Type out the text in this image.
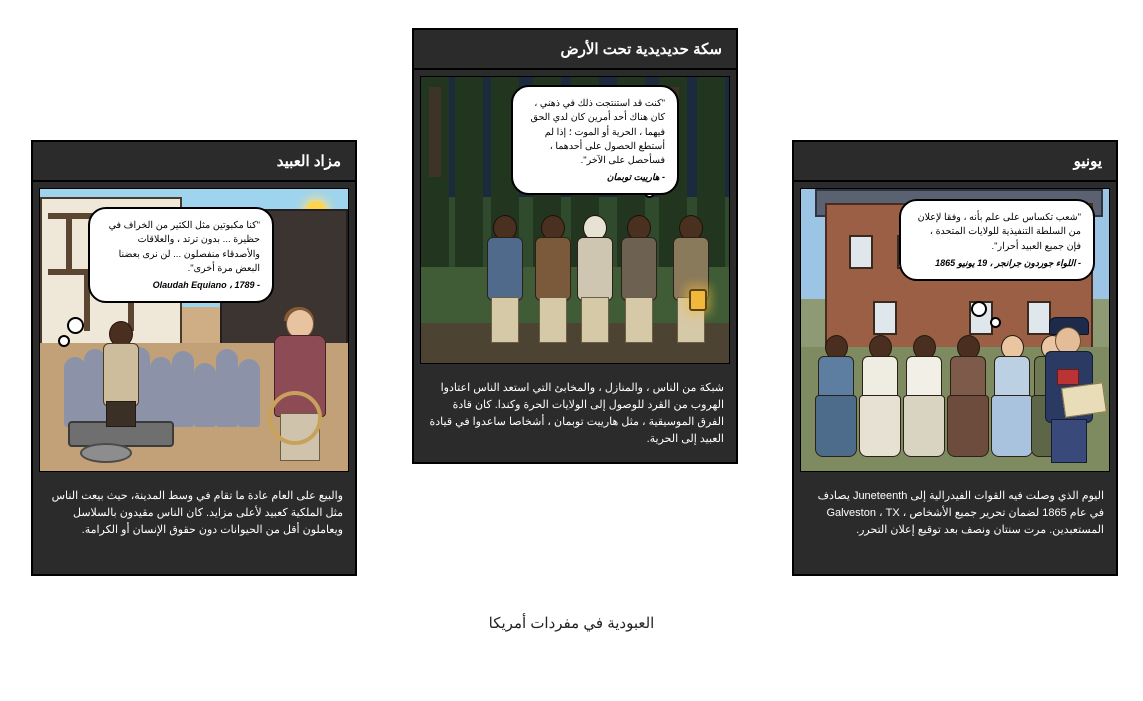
مزاد العبيد
"كنا مكبوتين مثل الكثير من الخراف في حظيرة ... بدون ترتد ، والعلاقات والأصدقاء منفصلون ... لن نرى بعضنا البعض مرة أخرى".
- Olaudah Equiano ، 1789
والبيع على العام عادة ما تقام في وسط المدينة، حيث بيعت الناس مثل الملكية كعبيد لأعلى مزايد. كان الناس مقيدون بالسلاسل ويعاملون أقل من الحيوانات دون حقوق الإنسان أو الكرامة.
سكة حديديدية تحت الأرض
"كنت قد استنتجت ذلك في ذهني ، كان هناك أحد أمرين كان لدي الحق فيهما ، الحرية أو الموت ؛ إذا لم أستطع الحصول على أحدهما ، فسأحصل على الآخر".
- هارييت توبمان
شبكة من الناس ، والمنازل ، والمخابئ التي استعد الناس اعتادوا الهروب من القرد للوصول إلى الولايات الحرة وكندا. كان قادة الفرق الموسيقية ، مثل هارييت توبمان ، أشخاصا ساعدوا في قيادة العبيد إلى الحرية.
يونيو
"شعب تكساس على علم بأنه ، وفقا لإعلان من السلطة التنفيذية للولايات المتحدة ، فإن جميع العبيد أحرار".
- اللواء جوردون جرانجر ، 19 يونيو 1865
اليوم الذي وصلت فيه القوات الفيدرالية إلى Juneteenth يصادف في عام 1865 لضمان تحرير جميع الأشخاص ، Galveston ، TX المستعبدين. مرت سنتان ونصف بعد توقيع إعلان التحرر.
العبودية في مفردات أمريكا
